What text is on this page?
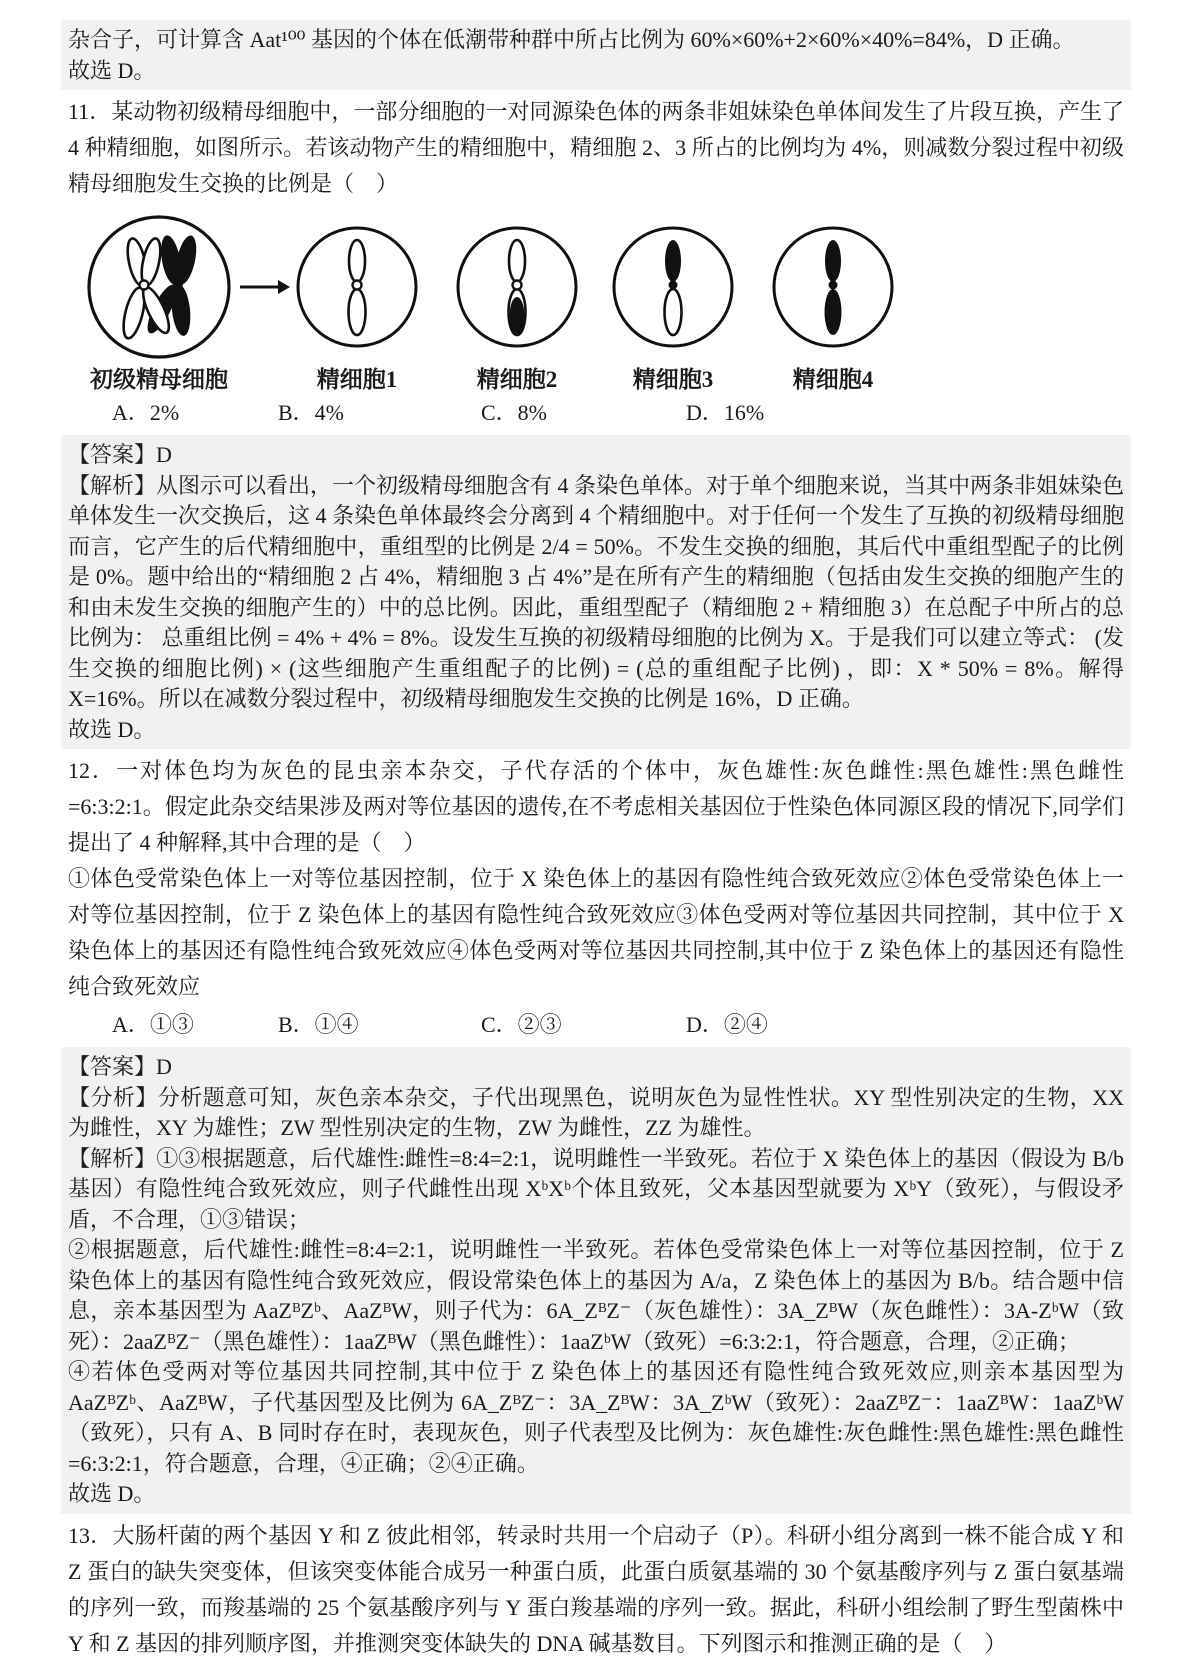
杂合子，可计算含 Aat¹⁰⁰ 基因的个体在低潮带种群中所占比例为 60%×60%+2×60%×40%=84%，D 正确。

故选 D。

11．某动物初级精母细胞中，一部分细胞的一对同源染色体的两条非姐妹染色单体间发生了片段互换，产生了 4 种精细胞，如图所示。若该动物产生的精细胞中，精细胞 2、3 所占的比例均为 4%，则减数分裂过程中初级精母细胞发生交换的比例是（　）

初级精母细胞	精细胞1	精细胞2	精细胞3	精细胞4
A．2%	B．4%	C．8%	D．16%

【答案】D

【解析】从图示可以看出，一个初级精母细胞含有 4 条染色单体。对于单个细胞来说，当其中两条非姐妹染色单体发生一次交换后，这 4 条染色单体最终会分离到 4 个精细胞中。对于任何一个发生了互换的初级精母细胞而言，它产生的后代精细胞中，重组型的比例是 2/4 = 50%。不发生交换的细胞，其后代中重组型配子的比例是 0%。题中给出的“精细胞 2 占 4%，精细胞 3 占 4%”是在所有产生的精细胞（包括由发生交换的细胞产生的和由未发生交换的细胞产生的）中的总比例。因此，重组型配子（精细胞 2 + 精细胞 3）在总配子中所占的总比例为： 总重组比例 = 4% + 4% = 8%。设发生互换的初级精母细胞的比例为 X。于是我们可以建立等式： (发生交换的细胞比例) × (这些细胞产生重组配子的比例) = (总的重组配子比例) ，即：X * 50% = 8%。解得 X=16%。所以在减数分裂过程中，初级精母细胞发生交换的比例是 16%，D 正确。

故选 D。

12．一对体色均为灰色的昆虫亲本杂交，子代存活的个体中，灰色雄性:灰色雌性:黑色雄性:黑色雌性=6:3:2:1。假定此杂交结果涉及两对等位基因的遗传,在不考虑相关基因位于性染色体同源区段的情况下,同学们提出了 4 种解释,其中合理的是（　）

①体色受常染色体上一对等位基因控制，位于 X 染色体上的基因有隐性纯合致死效应②体色受常染色体上一对等位基因控制，位于 Z 染色体上的基因有隐性纯合致死效应③体色受两对等位基因共同控制，其中位于 X 染色体上的基因还有隐性纯合致死效应④体色受两对等位基因共同控制,其中位于 Z 染色体上的基因还有隐性纯合致死效应

A．①③	B．①④	C．②③	D．②④

【答案】D

【分析】分析题意可知，灰色亲本杂交，子代出现黑色，说明灰色为显性性状。XY 型性别决定的生物，XX 为雌性，XY 为雄性；ZW 型性别决定的生物，ZW 为雌性，ZZ 为雄性。

【解析】①③根据题意，后代雄性:雌性=8:4=2:1，说明雌性一半致死。若位于 X 染色体上的基因（假设为 B/b 基因）有隐性纯合致死效应，则子代雌性出现 XᵇXᵇ个体且致死，父本基因型就要为 XᵇY（致死），与假设矛盾，不合理，①③错误；

②根据题意，后代雄性:雌性=8:4=2:1，说明雌性一半致死。若体色受常染色体上一对等位基因控制，位于 Z 染色体上的基因有隐性纯合致死效应，假设常染色体上的基因为 A/a，Z 染色体上的基因为 B/b。结合题中信息，亲本基因型为 AaZᴮZᵇ、AaZᴮW，则子代为：6A_ZᴮZ⁻（灰色雄性）：3A_ZᴮW（灰色雌性）：3A-ZᵇW（致死）：2aaZᴮZ⁻（黑色雄性）：1aaZᴮW（黑色雌性）：1aaZᵇW（致死）=6:3:2:1，符合题意，合理，②正确；

④若体色受两对等位基因共同控制,其中位于 Z 染色体上的基因还有隐性纯合致死效应,则亲本基因型为 AaZᴮZᵇ、AaZᴮW，子代基因型及比例为 6A_ZᴮZ⁻：3A_ZᴮW：3A_ZᵇW（致死）：2aaZᴮZ⁻：1aaZᴮW：1aaZᵇW（致死），只有 A、B 同时存在时，表现灰色，则子代表型及比例为：灰色雄性:灰色雌性:黑色雄性:黑色雌性=6:3:2:1，符合题意，合理，④正确；②④正确。

故选 D。

13．大肠杆菌的两个基因 Y 和 Z 彼此相邻，转录时共用一个启动子（P）。科研小组分离到一株不能合成 Y 和 Z 蛋白的缺失突变体，但该突变体能合成另一种蛋白质，此蛋白质氨基端的 30 个氨基酸序列与 Z 蛋白氨基端的序列一致，而羧基端的 25 个氨基酸序列与 Y 蛋白羧基端的序列一致。据此，科研小组绘制了野生型菌株中 Y 和 Z 基因的排列顺序图，并推测突变体缺失的 DNA 碱基数目。下列图示和推测正确的是（　）
